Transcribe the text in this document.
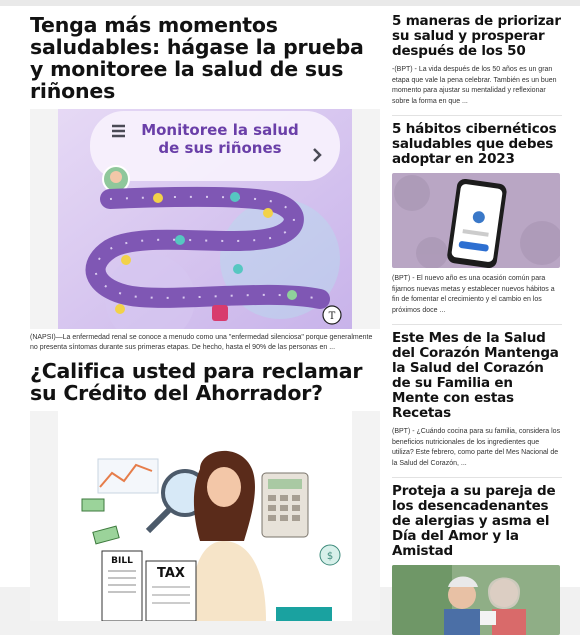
Tenga más momentos saludables: hágase la prueba y monitoree la salud de sus riñones
Monitoree la salud
de sus riñones
T

(NAPSI)—La enfermedad renal se conoce a menudo como una "enfermedad silenciosa" porque generalmente no presenta síntomas durante sus primeras etapas. De hecho, hasta el 90% de las personas en ...

¿Califica usted para reclamar su Crédito del Ahorrador?
BILL
TAX
$
5 maneras de priorizar su salud y prosperar después de los 50

-(BPT) - La vida después de los 50 años es un gran etapa que vale la pena celebrar. También es un buen momento para ajustar su mentalidad y reflexionar sobre la forma en que ...

5 hábitos cibernéticos saludables que debes adoptar en 2023

(BPT) - El nuevo año es una ocasión común para fijarnos nuevas metas y establecer nuevos hábitos a fin de fomentar el crecimiento y el cambio en los próximos doce ...

Este Mes de la Salud del Corazón Mantenga la Salud del Corazón de su Familia en Mente con estas Recetas

(BPT) - ¿Cuándo cocina para su familia, considera los beneficios nutricionales de los ingredientes que utiliza? Este febrero, como parte del Mes Nacional de la Salud del Corazón, ...

Proteja a su pareja de los desencadenantes de alergias y asma el Día del Amor y la Amistad
